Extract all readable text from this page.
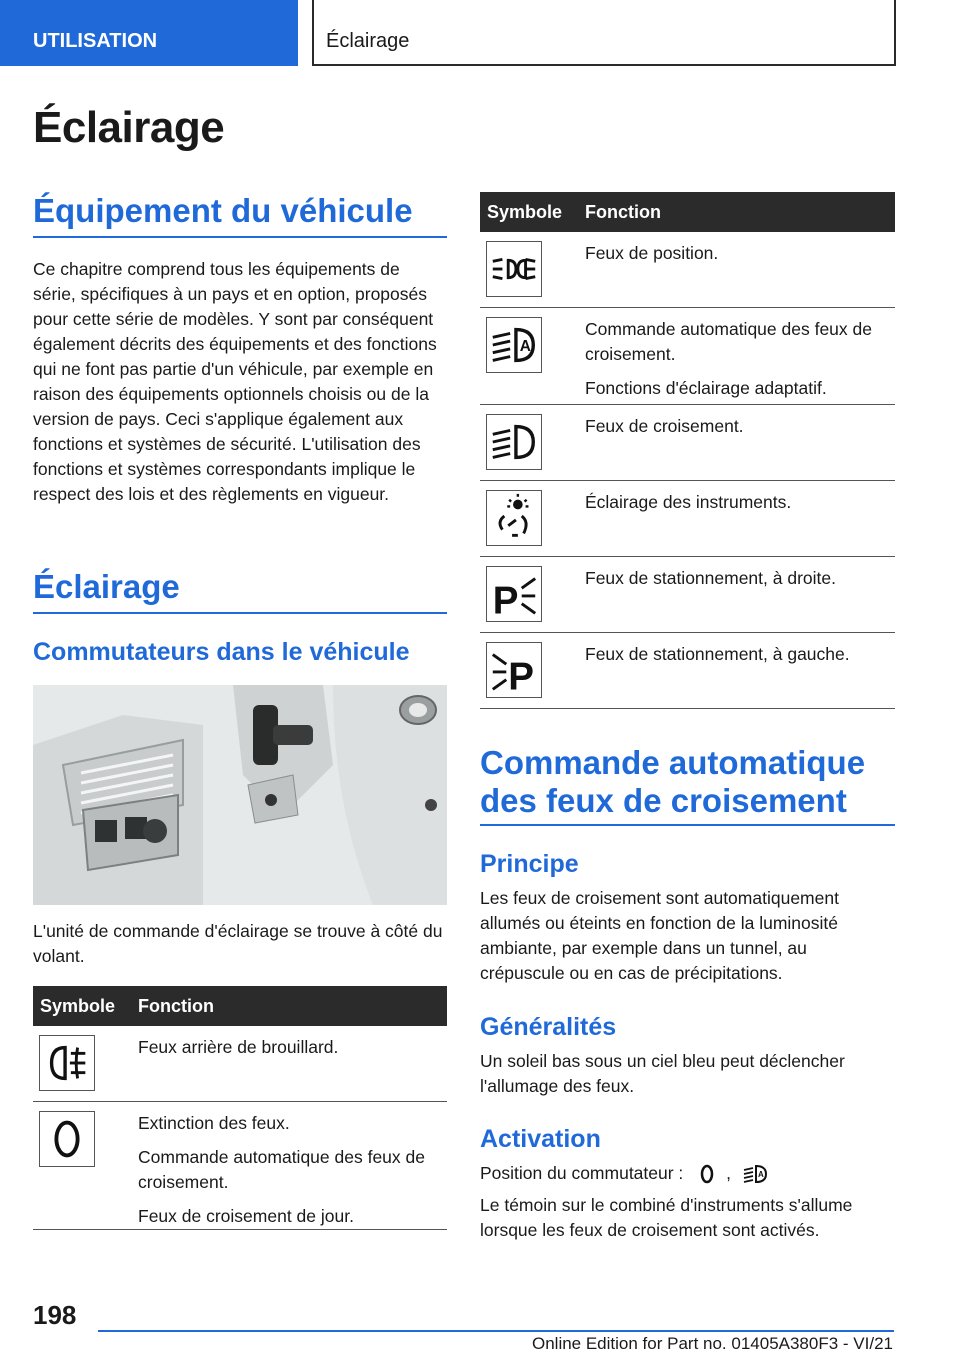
UTILISATION	Éclairage
Éclairage
Équipement du véhicule

Ce chapitre comprend tous les équipements de série, spécifiques à un pays et en option, proposés pour cette série de modèles. Y sont par conséquent également décrits des équipements et des fonctions qui ne font pas partie d'un véhicule, par exemple en raison des équipements optionnels choisis ou de la version de pays. Ceci s'applique également aux fonctions et systèmes de sécurité. L'utilisation des fonctions et systèmes correspondants implique le respect des lois et des règlements en vigueur.

Éclairage
Commutateurs dans le véhicule

L'unité de commande d'éclairage se trouve à côté du volant.

Symbole Fonction
Feux arrière de brouillard.
Extinction des feux.
Commande automatique des feux de croisement.
Feux de croisement de jour.
Symbole Fonction
Feux de position.
A
Commande automatique des feux de croisement.
Fonctions d'éclairage adaptatif.
Feux de croisement.
Éclairage des instruments.
P
Feux de stationnement, à droite.
P
Feux de stationnement, à gauche.
Commande automatique des feux de croisement
Principe

Les feux de croisement sont automatiquement allumés ou éteints en fonction de la luminosité ambiante, par exemple dans un tunnel, au crépuscule ou en cas de précipitations.

Généralités

Un soleil bas sous un ciel bleu peut déclencher l'allumage des feux.

Activation

Position du commutateur : ,	A

Le témoin sur le combiné d'instruments s'allume lorsque les feux de croisement sont activés.

198
Online Edition for Part no. 01405A380F3 - VI/21
